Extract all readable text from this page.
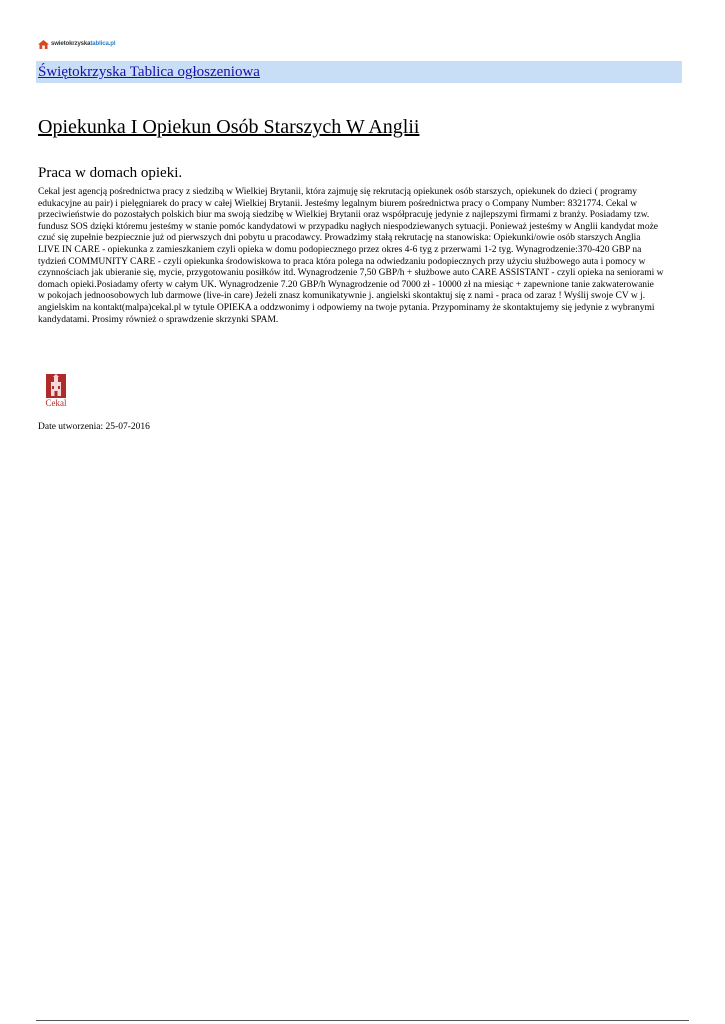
swietokrzyskatablica.pl
Świętokrzyska Tablica ogłoszeniowa
Opiekunka I Opiekun Osób Starszych W Anglii
Praca w domach opieki.

Cekal jest agencją pośrednictwa pracy z siedzibą w Wielkiej Brytanii, która zajmuję się rekrutacją opiekunek osób starszych, opiekunek do dzieci ( programy
edukacyjne au pair) i pielęgniarek do pracy w całej Wielkiej Brytanii. Jesteśmy legalnym biurem pośrednictwa pracy o Company Number: 8321774. Cekal w
przeciwieństwie do pozostałych polskich biur ma swoją siedzibę w Wielkiej Brytanii oraz współpracuję jedynie z najlepszymi firmami z branży. Posiadamy tzw.
fundusz SOS dzięki któremu jesteśmy w stanie pomóc kandydatowi w przypadku nagłych niespodziewanych sytuacji. Ponieważ jesteśmy w Anglii kandydat może
czuć się zupełnie bezpiecznie już od pierwszych dni pobytu u pracodawcy. Prowadzimy stałą rekrutację na stanowiska: Opiekunki/owie osób starszych Anglia
LIVE IN CARE - opiekunka z zamieszkaniem czyli opieka w domu podopiecznego przez okres 4-6 tyg z przerwami 1-2 tyg. Wynagrodzenie:370-420 GBP na
tydzień COMMUNITY CARE - czyli opiekunka środowiskowa to praca która polega na odwiedzaniu podopiecznych przy użyciu służbowego auta i pomocy w
czynnościach jak ubieranie się, mycie, przygotowaniu posiłków itd. Wynagrodzenie 7,50 GBP/h + służbowe auto CARE ASSISTANT - czyli opieka na seniorami w
domach opieki.Posiadamy oferty w całym UK. Wynagrodzenie 7.20 GBP/h Wynagrodzenie od 7000 zł - 10000 zł na miesiąc + zapewnione tanie zakwaterowanie
w pokojach jednoosobowych lub darmowe (live-in care) Jeżeli znasz komunikatywnie j. angielski skontaktuj się z nami - praca od zaraz ! Wyślij swoje CV w j.
angielskim na kontakt(malpa)cekal.pl w tytule OPIEKA a oddzwonimy i odpowiemy na twoje pytania. Przypominamy że skontaktujemy się jedynie z wybranymi
kandydatami. Prosimy również o sprawdzenie skrzynki SPAM.

Cekal
Date utworzenia: 25-07-2016
